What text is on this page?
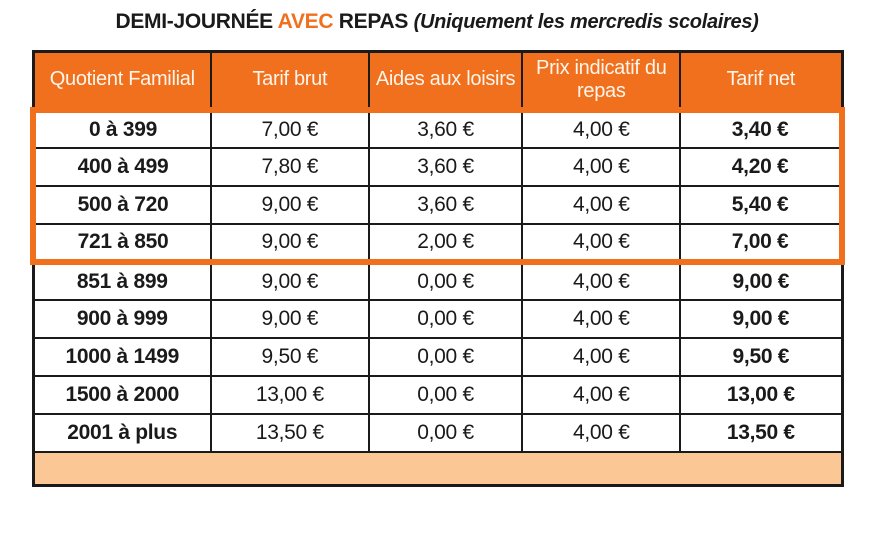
DEMI-JOURNÉE AVEC REPAS (Uniquement les mercredis scolaires)
Quotient Familial	Tarif brut	Aides aux loisirs	Prix indicatif du repas	Tarif net
0 à 399	7,00 €	3,60 €	4,00 €	3,40 €
400 à 499	7,80 €	3,60 €	4,00 €	4,20 €
500 à 720	9,00 €	3,60 €	4,00 €	5,40 €
721 à 850	9,00 €	2,00 €	4,00 €	7,00 €
851 à 899	9,00 €	0,00 €	4,00 €	9,00 €
900 à 999	9,00 €	0,00 €	4,00 €	9,00 €
1000 à 1499	9,50 €	0,00 €	4,00 €	9,50 €
1500 à 2000	13,00 €	0,00 €	4,00 €	13,00 €
2001 à plus	13,50 €	0,00 €	4,00 €	13,50 €
